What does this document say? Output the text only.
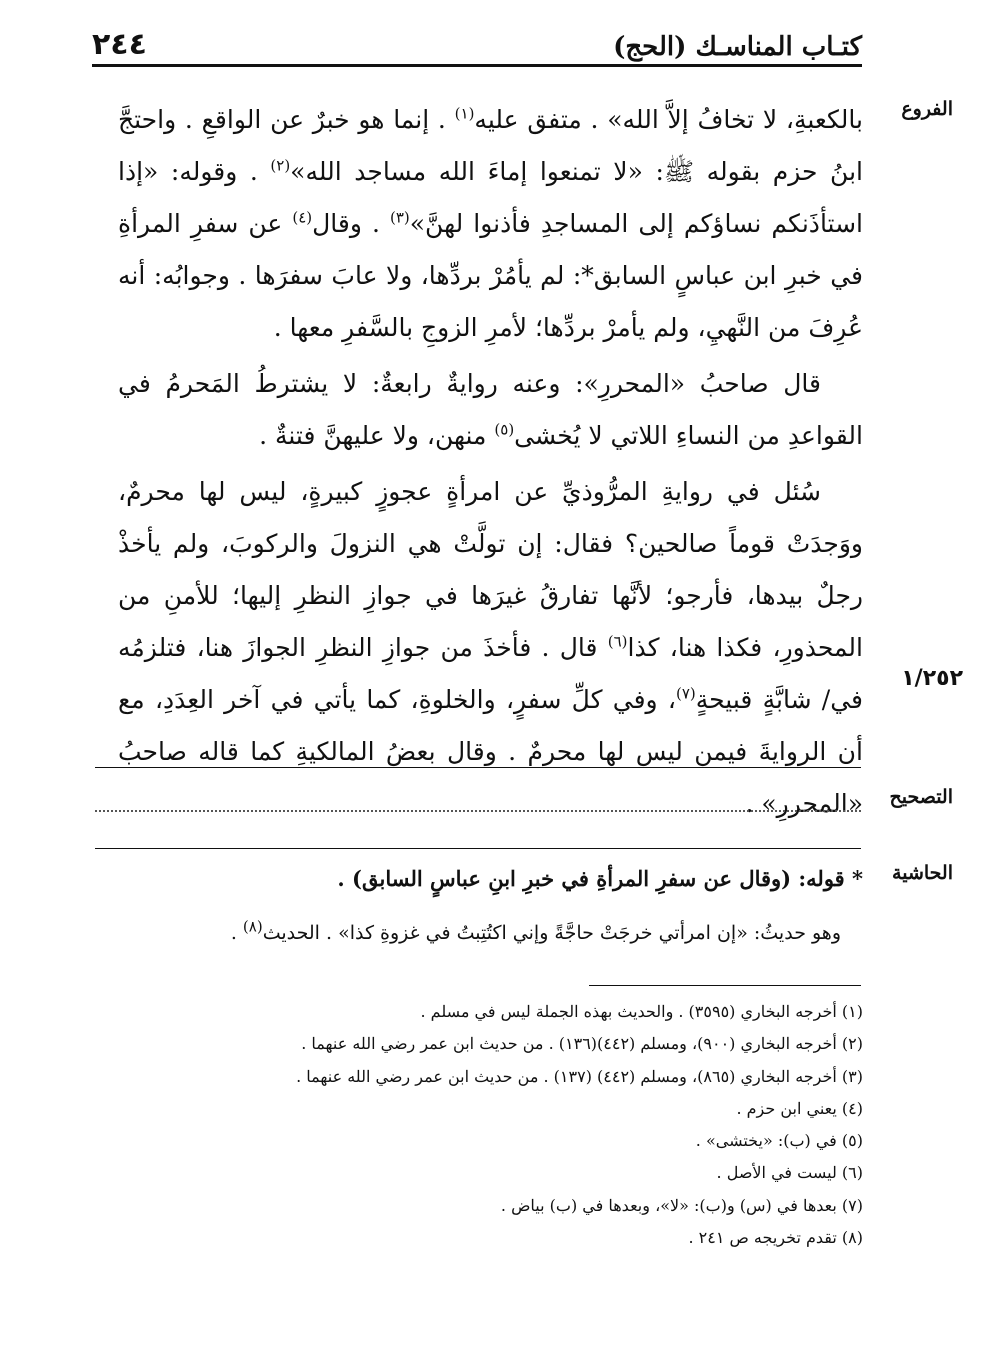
كتـاب المناسـك (الحج)
٢٤٤
الفروع
١/٢٥٢
التصحيح
الحاشية

بالكعبةِ، لا تخافُ إلاَّ الله» . متفق عليه$^{(١)}$ . إنما هو خبرٌ عن الواقعِ . واحتجَّ ابنُ حزم بقوله ﷺ: «لا تمنعوا إماءَ الله مساجد الله»$^{(٢)}$ . وقوله: «إذا استأذَنكم نساؤكم إلى المساجدِ فأذنوا لهنَّ»$^{(٣)}$ . وقال$^{(٤)}$ عن سفرِ المرأةِ في خبرِ ابن عباسٍ السابق*: لم يأمُرْ بردِّها، ولا عابَ سفرَها . وجوابُه: أنه عُرِفَ من النَّهيِ، ولم يأمرْ بردِّها؛ لأمرِ الزوجِ بالسَّفرِ معها .

قال صاحبُ «المحررِ»: وعنه روايةٌ رابعةٌ: لا يشترطُ المَحرمُ في القواعدِ من النساءِ اللاتي لا يُخشى$^{(٥)}$ منهن، ولا عليهنَّ فتنةٌ .

سُئل في روايةِ المرُّوذيِّ عن امرأةٍ عجوزٍ كبيرةٍ، ليس لها محرمٌ، ووَجدَتْ قوماً صالحين؟ فقال: إن تولَّتْ هي النزولَ والركوبَ، ولم يأخذْ رجلٌ بيدها، فأرجو؛ لأنَّها تفارقُ غيرَها في جوازِ النظرِ إليها؛ للأمنِ من المحذورِ، فكذا هنا، كذا$^{(٦)}$ قال . فأخذَ من جوازِ النظرِ الجوازَ هنا، فتلزمُه في/ شابَّةٍ قبيحةٍ$^{(٧)}$، وفي كلِّ سفرٍ، والخلوةِ، كما يأتي في آخر العِدَدِ، مع أن الروايةَ فيمن ليس لها محرمٌ . وقال بعضُ المالكيةِ كما قاله صاحبُ «المحررِ» .

* قوله: (وقال عن سفرِ المرأةِ في خبرِ ابنِ عباسٍ السابق) .
وهو حديثُ: «إن امرأتي خرجَتْ حاجَّةً وإني اكتُتِبتُ في غزوةِ كذا» . الحديث$^{(٨)}$ .
(١) أخرجه البخاري (٣٥٩٥) . والحديث بهذه الجملة ليس في مسلم .
(٢) أخرجه البخاري (٩٠٠)، ومسلم (٤٤٢)(١٣٦) . من حديث ابن عمر رضي الله عنهما .
(٣) أخرجه البخاري (٨٦٥)، ومسلم (٤٤٢) (١٣٧) . من حديث ابن عمر رضي الله عنهما .
(٤) يعني ابن حزم .
(٥) في (ب): «يختشى» .
(٦) ليست في الأصل .
(٧) بعدها في (س) و(ب): «لا»، وبعدها في (ب) بياض .
(٨) تقدم تخريجه ص ٢٤١ .
